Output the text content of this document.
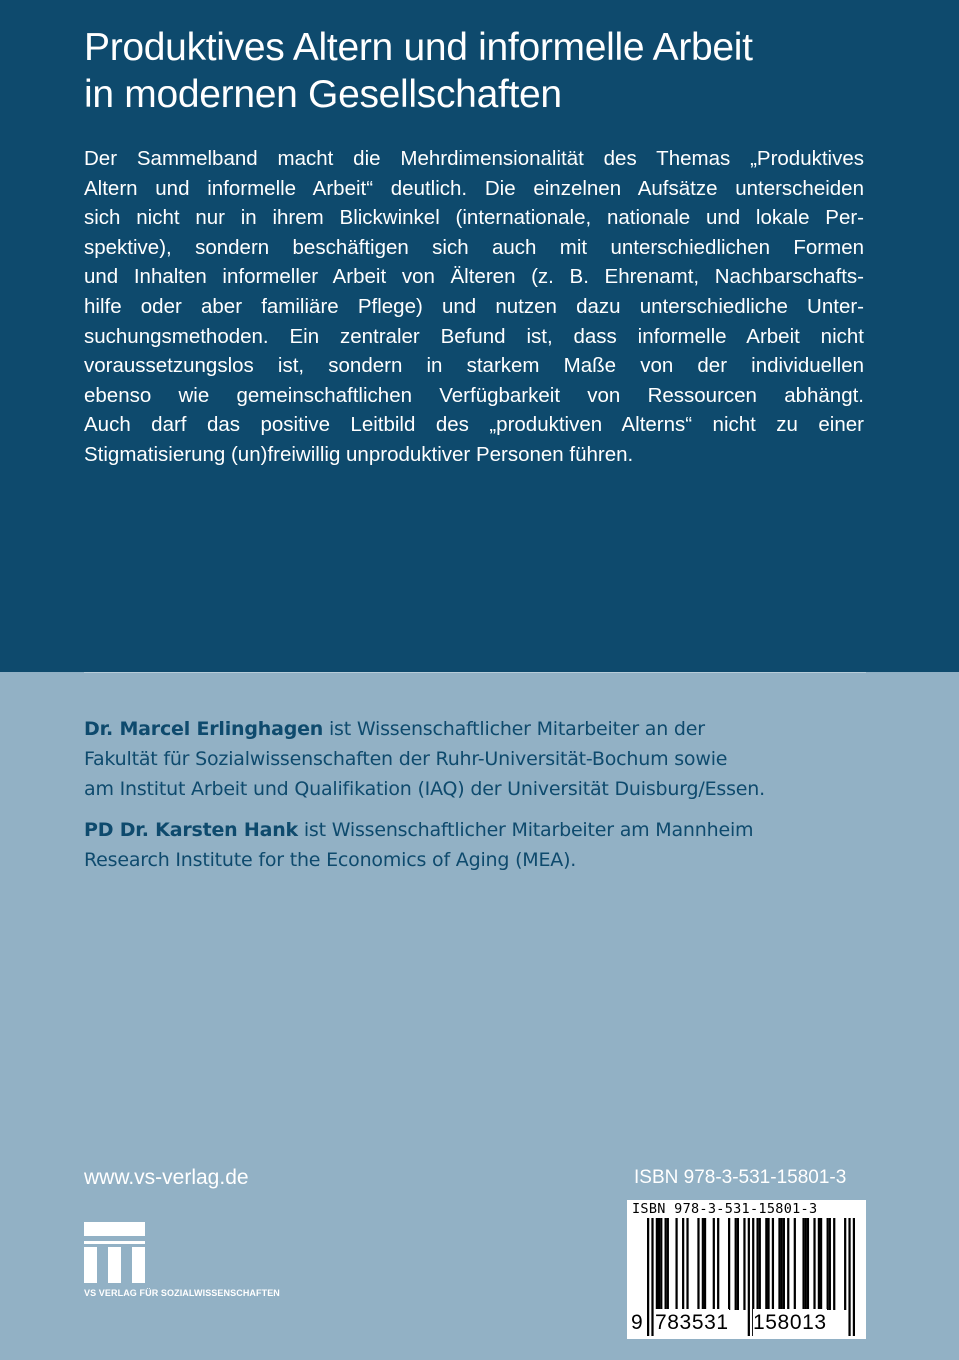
Produktives Altern und informelle Arbeit
in modernen Gesellschaften
Der Sammelband macht die Mehrdimensionalität des Themas „Produktives
Altern und informelle Arbeit“ deutlich. Die einzelnen Aufsätze unterscheiden
sich nicht nur in ihrem Blickwinkel (internationale, nationale und lokale Per-
spektive), sondern beschäftigen sich auch mit unterschiedlichen Formen
und Inhalten informeller Arbeit von Älteren (z. B. Ehrenamt, Nachbarschafts-
hilfe oder aber familiäre Pflege) und nutzen dazu unterschiedliche Unter-
suchungsmethoden. Ein zentraler Befund ist, dass informelle Arbeit nicht
voraussetzungslos ist, sondern in starkem Maße von der individuellen
ebenso wie gemeinschaftlichen Verfügbarkeit von Ressourcen abhängt.
Auch darf das positive Leitbild des „produktiven Alterns“ nicht zu einer
Stigmatisierung (un)freiwillig unproduktiver Personen führen.
Dr. Marcel Erlinghagen ist Wissenschaftlicher Mitarbeiter an der
Fakultät für Sozialwissenschaften der Ruhr-Universität-Bochum sowie
am Institut Arbeit und Qualifikation (IAQ) der Universität Duisburg/Essen.
PD Dr. Karsten Hank ist Wissenschaftlicher Mitarbeiter am Mannheim
Research Institute for the Economics of Aging (MEA).
www.vs-verlag.de	ISBN 978-3-531-15801-3
VS VERLAG FÜR SOZIALWISSENSCHAFTEN
ISBN 978-3-531-15801-3
9 783531 158013
